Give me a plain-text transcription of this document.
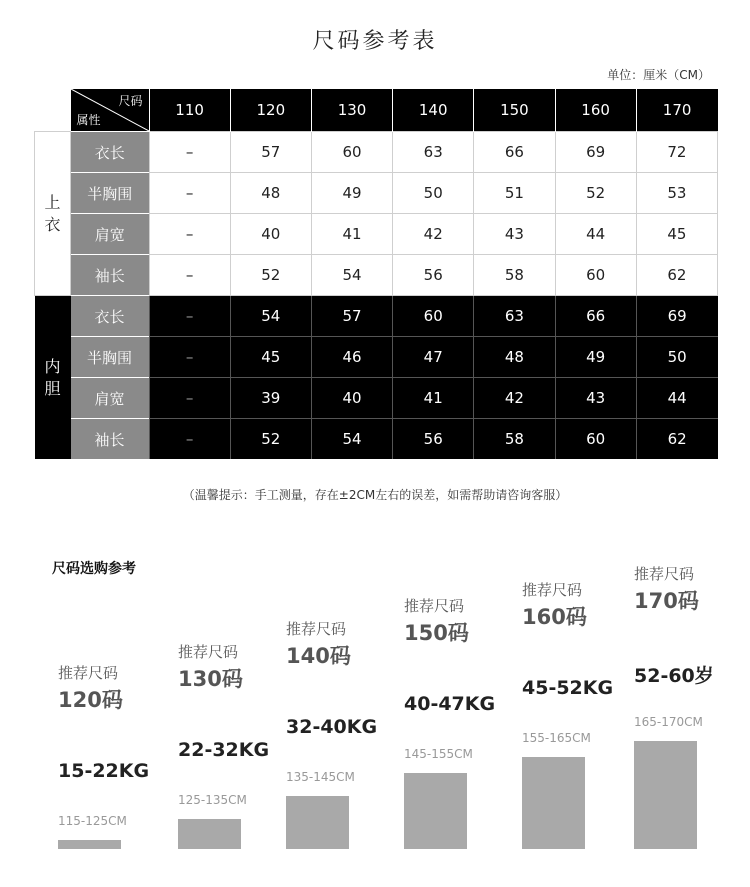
尺码参考表
单位：厘米（CM）

	尺码
属性	110	120	130	140	150	160	170

上
衣	衣长	–	57	60	63	66	69	72
	半胸围	–	48	49	50	51	52	53
	肩宽	–	40	41	42	43	44	45
	袖长	–	52	54	56	58	60	62

内
胆	衣长	–	54	57	60	63	66	69
	半胸围	–	45	46	47	48	49	50
	肩宽	–	39	40	41	42	43	44
	袖长	–	52	54	56	58	60	62
（温馨提示：手工测量，存在±2CM左右的误差，如需帮助请咨询客服）
尺码选购参考
115-125CM
15-22KG
120码
推荐尺码
125-135CM
22-32KG
130码
推荐尺码
135-145CM
32-40KG
140码
推荐尺码
145-155CM
40-47KG
150码
推荐尺码
155-165CM
45-52KG
160码
推荐尺码
165-170CM
52-60岁
170码
推荐尺码
